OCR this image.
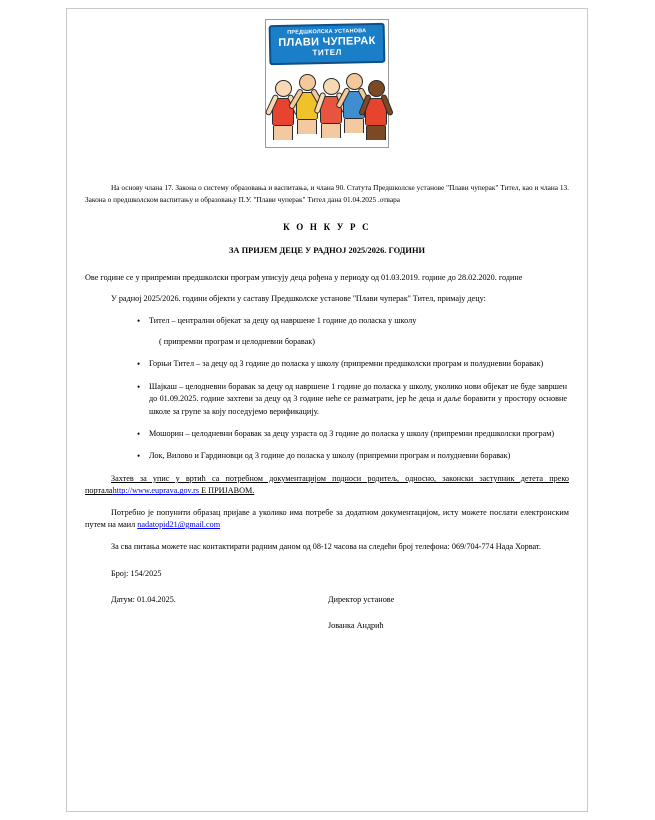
ПРЕДШКОЛСКА УСТАНОВА
ПЛАВИ ЧУПЕРАК
ТИТЕЛ

На основу члана 17. Закона о систему образовања и васпитања, и члана 90. Статута Предшколске установе "Плави чуперак" Тител, као и члана 13. Закона о предшколском васпитању и образовању П.У. "Плави чуперак" Тител дана 01.04.2025 .отвара

К О Н К У Р С

ЗА ПРИЈЕМ ДЕЦЕ У РАДНОЈ 2025/2026. ГОДИНИ

Ове године се у припремни предшколски програм уписују деца рођена у периоду од 01.03.2019. године до 28.02.2020. године

У радној 2025/2026. години објекти у саставу Предшколске установе ''Плави чуперак'' Тител, примају децу:

• Тител – централни објекат за децу од навршене 1 године до поласка у школу
( припремни програм и целодневни боравак)
• Горњи Тител – за децу од 3 године до поласка у школу (припремни предшколски програм и полудневни боравак)
• Шајкаш – целодневни боравак за децу од навршене 1 године до поласка у школу, уколико нови објекат не буде завршен до 01.09.2025. године захтеви за децу од 3 године неће се разматрати, јер ће деца и даље боравити у простору основне школе за групе за коју поседујемо верификацију.
• Мошорин – целодневни боравак за децу узраста од 3 године до поласка у школу (припремни предшколски програм)
• Лок, Вилово и Гардиновци од 3 године до поласка у школу (припремни програм и полудневни боравак)

Захтев за упис у вртић са потребном документацијом подноси родитељ, односно, законски заступник детета преко порталаhttp://www.euprava.gov.rs Е ПРИЈАВОМ.

Потребно је попунити образац пријаве а уколико има потребе за додатном документацијом, исту можете послати електронским путем на маил nadatopid21@gmail.com

За сва питања можете нас контактирати радним даном од 08-12 часова на следећи број телефона: 069/704-774 Нада Хорват.

Број: 154/2025
Датум: 01.04.2025.	Директор установе
Јованка Андрић
